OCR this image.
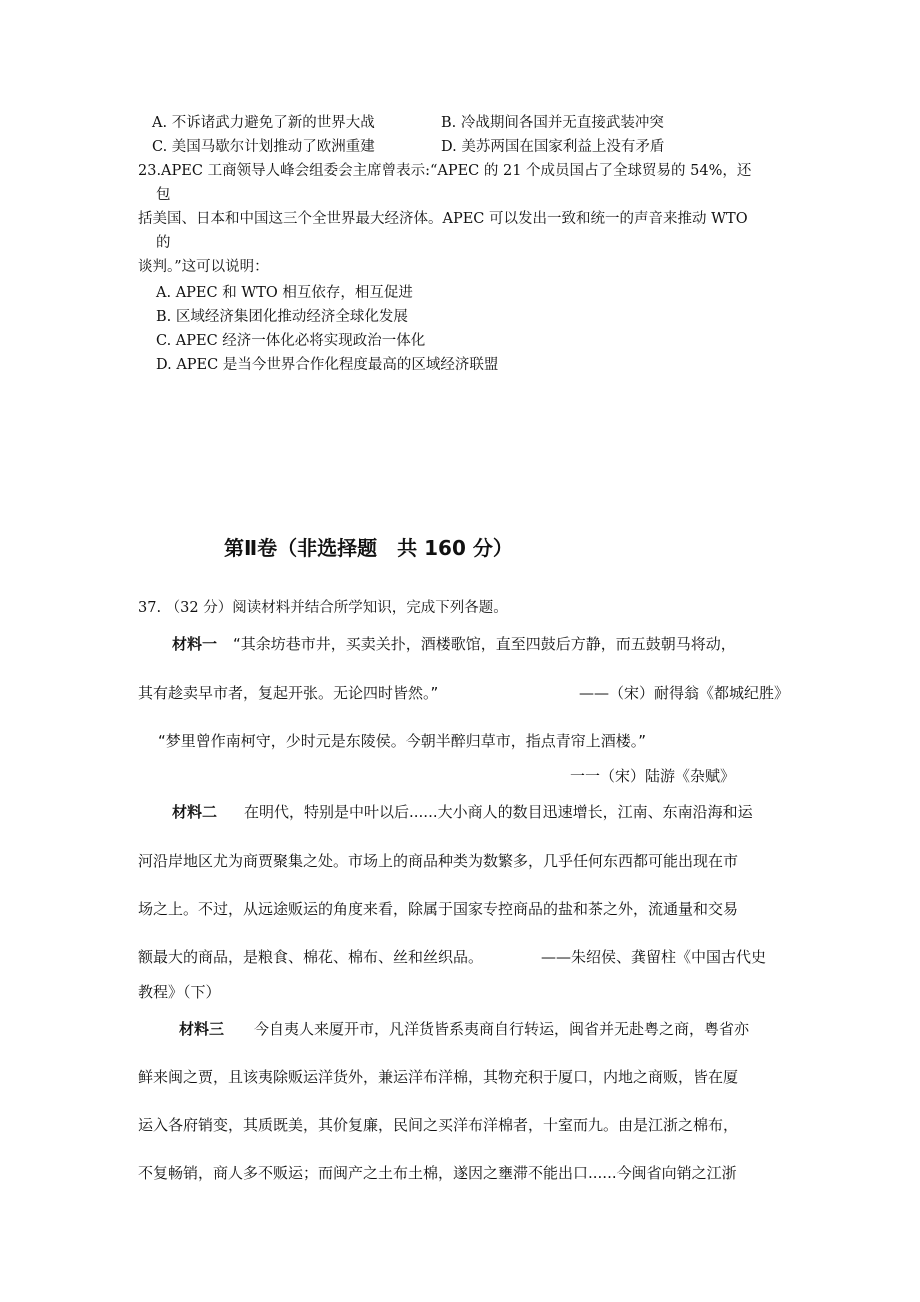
A. 不诉诸武力避免了新的世界大战	B. 冷战期间各国并无直接武装冲突
C. 美国马歇尔计划推动了欧洲重建	D. 美苏两国在国家利益上没有矛盾
23.APEC 工商领导人峰会组委会主席曾表示:“APEC 的 21 个成员国占了全球贸易的 54%，还
包
括美国、日本和中国这三个全世界最大经济体。APEC 可以发出一致和统一的声音来推动 WTO
的
谈判。”这可以说明：
A. APEC 和 WTO 相互依存，相互促进
B. 区域经济集团化推动经济全球化发展
C. APEC 经济一体化必将实现政治一体化
D. APEC 是当今世界合作化程度最高的区域经济联盟
第Ⅱ卷（非选择题　共 160 分）
37. （32 分）阅读材料并结合所学知识，完成下列各题。
材料一 “其余坊巷市井，买卖关扑，酒楼歌馆，直至四鼓后方静，而五鼓朝马将动，
其有趁卖早市者，复起开张。无论四时皆然。”	——（宋）耐得翁《都城纪胜》
“梦里曾作南柯守，少时元是东陵侯。今朝半醉归草市，指点青帘上酒楼。”
一一（宋）陆游《杂赋》
材料二 在明代，特别是中叶以后......大小商人的数目迅速增长，江南、东南沿海和运
河沿岸地区尤为商贾聚集之处。市场上的商品种类为数繁多，几乎任何东西都可能出现在市
场之上。不过，从远途贩运的角度来看，除属于国家专控商品的盐和茶之外，流通量和交易
额最大的商品，是粮食、棉花、棉布、丝和丝织品。	——朱绍侯、龚留柱《中国古代史
教程》（下）
材料三 今自夷人来厦开市，凡洋货皆系夷商自行转运，闽省并无赴粤之商，粤省亦
鲜来闽之贾，且该夷除贩运洋货外，兼运洋布洋棉，其物充积于厦口，内地之商贩，皆在厦
运入各府销变，其质既美，其价复廉，民间之买洋布洋棉者，十室而九。由是江浙之棉布，
不复畅销，商人多不贩运；而闽产之土布土棉，遂因之壅滞不能出口......今闽省向销之江浙
